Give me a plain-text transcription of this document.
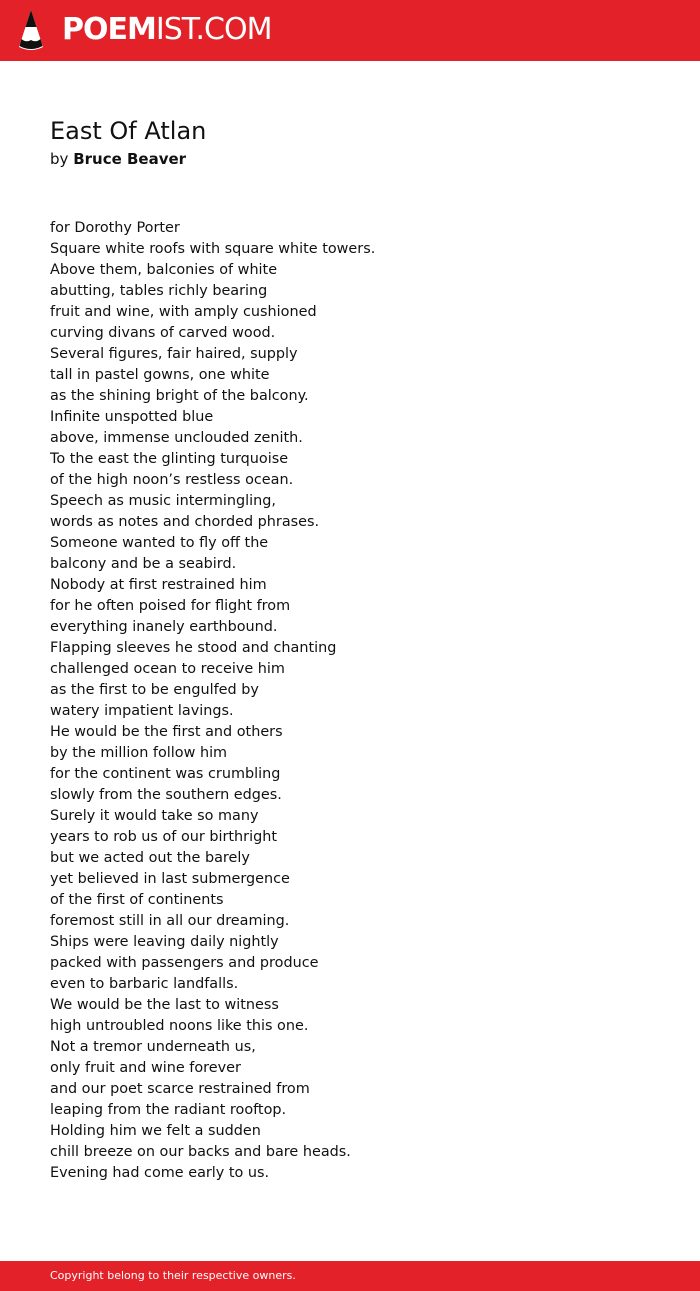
POEMIST.COM
East Of Atlan
by Bruce Beaver
for Dorothy Porter
Square white roofs with square white towers.
Above them, balconies of white
abutting, tables richly bearing
fruit and wine, with amply cushioned
curving divans of carved wood.
Several figures, fair haired, supply
tall in pastel gowns, one white
as the shining bright of the balcony.
Infinite unspotted blue
above, immense unclouded zenith.
To the east the glinting turquoise
of the high noon’s restless ocean.
Speech as music intermingling,
words as notes and chorded phrases.
Someone wanted to fly off the
balcony and be a seabird.
Nobody at first restrained him
for he often poised for flight from
everything inanely earthbound.
Flapping sleeves he stood and chanting
challenged ocean to receive him
as the first to be engulfed by
watery impatient lavings.
He would be the first and others
by the million follow him
for the continent was crumbling
slowly from the southern edges.
Surely it would take so many
years to rob us of our birthright
but we acted out the barely
yet believed in last submergence
of the first of continents
foremost still in all our dreaming.
Ships were leaving daily nightly
packed with passengers and produce
even to barbaric landfalls.
We would be the last to witness
high untroubled noons like this one.
Not a tremor underneath us,
only fruit and wine forever
and our poet scarce restrained from
leaping from the radiant rooftop.
Holding him we felt a sudden
chill breeze on our backs and bare heads.
Evening had come early to us.
Copyright belong to their respective owners.
